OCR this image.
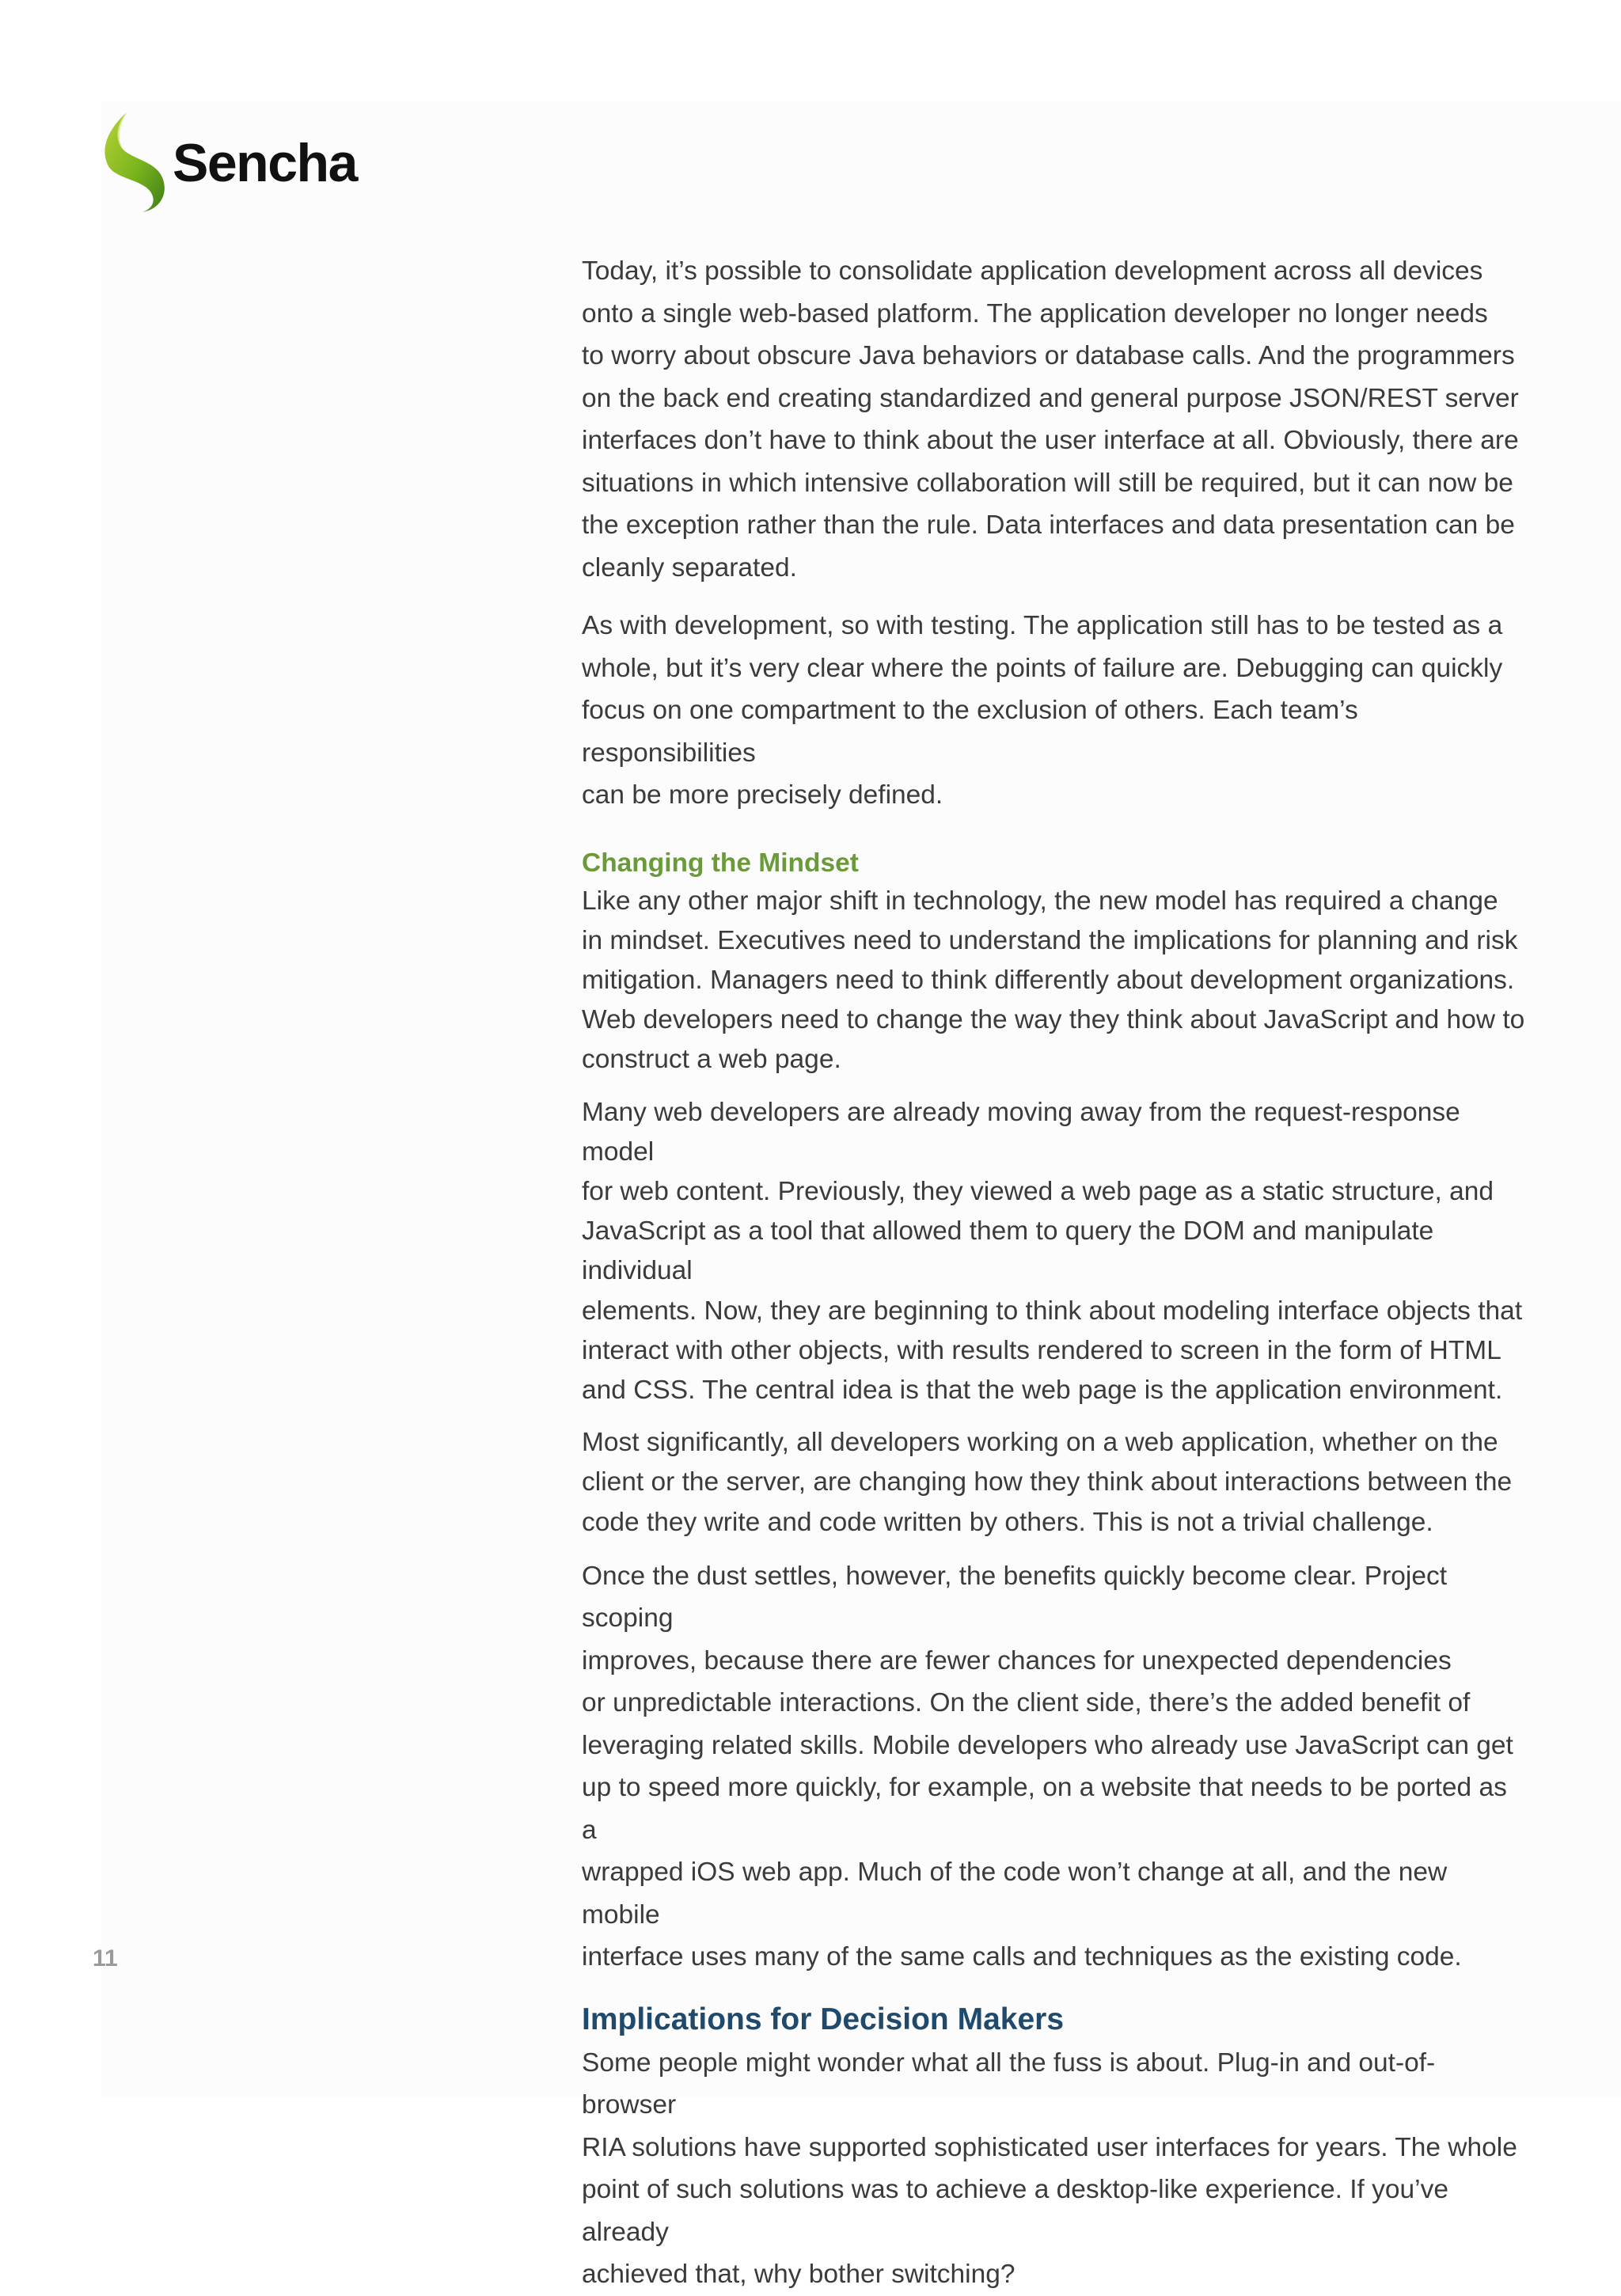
Sencha

Today, it’s possible to consolidate application development across all devices
onto a single web-based platform. The application developer no longer needs
to worry about obscure Java behaviors or database calls. And the programmers
on the back end creating standardized and general purpose JSON/REST server
interfaces don’t have to think about the user interface at all. Obviously, there are
situations in which intensive collaboration will still be required, but it can now be
the exception rather than the rule. Data interfaces and data presentation can be
cleanly separated.

As with development, so with testing. The application still has to be tested as a
whole, but it’s very clear where the points of failure are. Debugging can quickly
focus on one compartment to the exclusion of others. Each team’s responsibilities
can be more precisely defined.

Changing the Mindset

Like any other major shift in technology, the new model has required a change
in mindset. Executives need to understand the implications for planning and risk
mitigation. Managers need to think differently about development organizations.
Web developers need to change the way they think about JavaScript and how to
construct a web page.

Many web developers are already moving away from the request-response model
for web content. Previously, they viewed a web page as a static structure, and
JavaScript as a tool that allowed them to query the DOM and manipulate individual
elements. Now, they are beginning to think about modeling interface objects that
interact with other objects, with results rendered to screen in the form of HTML
and CSS. The central idea is that the web page is the application environment.

Most significantly, all developers working on a web application, whether on the
client or the server, are changing how they think about interactions between the
code they write and code written by others. This is not a trivial challenge.

Once the dust settles, however, the benefits quickly become clear. Project scoping
improves, because there are fewer chances for unexpected dependencies
or unpredictable interactions. On the client side, there’s the added benefit of
leveraging related skills. Mobile developers who already use JavaScript can get
up to speed more quickly, for example, on a website that needs to be ported as a
wrapped iOS web app. Much of the code won’t change at all, and the new mobile
interface uses many of the same calls and techniques as the existing code.

Implications for Decision Makers

Some people might wonder what all the fuss is about. Plug-in and out-of-browser
RIA solutions have supported sophisticated user interfaces for years. The whole
point of such solutions was to achieve a desktop-like experience. If you’ve already
achieved that, why bother switching?

11
